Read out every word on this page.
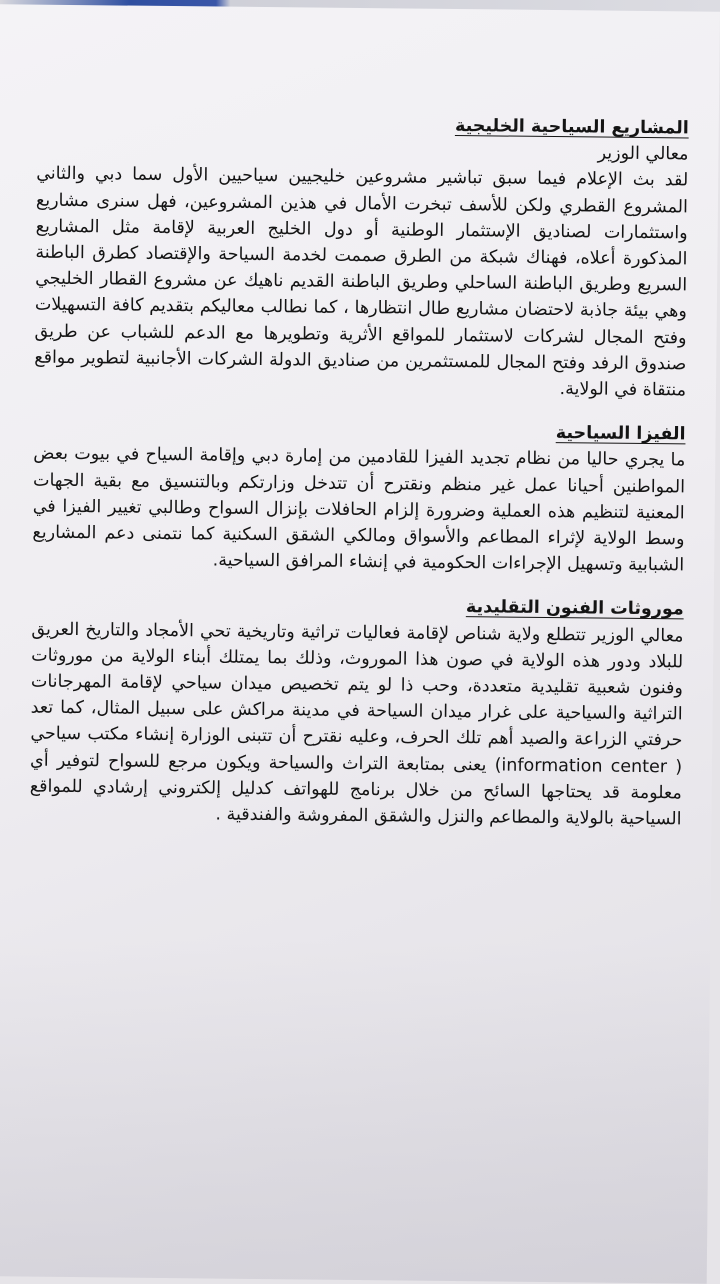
المشاريع السياحية الخليجية
معالي الوزير
لقد بث الإعلام فيما سبق تباشير مشروعين خليجيين سياحيين الأول سما دبي والثاني المشروع القطري ولكن للأسف تبخرت الأمال في هذين المشروعين، فهل سنرى مشاريع واستثمارات لصناديق الإستثمار الوطنية أو دول الخليج العربية لإقامة مثل المشاريع المذكورة أعلاه، فهناك شبكة من الطرق صممت لخدمة السياحة والإقتصاد كطرق الباطنة السريع وطريق الباطنة الساحلي وطريق الباطنة القديم ناهيك عن مشروع القطار الخليجي وهي بيئة جاذبة لاحتضان مشاريع طال انتظارها ، كما نطالب معاليكم بتقديم كافة التسهيلات وفتح المجال لشركات لاستثمار للمواقع الأثرية وتطويرها مع الدعم للشباب عن طريق صندوق الرفد وفتح المجال للمستثمرين من صناديق الدولة الشركات الأجانبية لتطوير مواقع منتقاة في الولاية.
الفيزا السياحية
ما يجري حاليا من نظام تجديد الفيزا للقادمين من إمارة دبي وإقامة السياح في بيوت بعض المواطنين أحيانا عمل غير منظم ونقترح أن تتدخل وزارتكم وبالتنسيق مع بقية الجهات المعنية لتنظيم هذه العملية وضرورة إلزام الحافلات بإنزال السواح وطالبي تغيير الفيزا في وسط الولاية لإثراء المطاعم والأسواق ومالكي الشقق السكنية كما نتمنى دعم المشاريع الشبابية وتسهيل الإجراءات الحكومية في إنشاء المرافق السياحية.
موروثات الفنون التقليدية
معالي الوزير تتطلع ولاية شناص لإقامة فعاليات تراثية وتاريخية تحي الأمجاد والتاريخ العريق للبلاد ودور هذه الولاية في صون هذا الموروث، وذلك بما يمتلك أبناء الولاية من موروثات وفنون شعبية تقليدية متعددة، وحب ذا لو يتم تخصيص ميدان سياحي لإقامة المهرجانات التراثية والسياحية على غرار ميدان السياحة في مدينة مراكش على سبيل المثال، كما تعد حرفتي الزراعة والصيد أهم تلك الحرف، وعليه نقترح أن تتبنى الوزارة إنشاء مكتب سياحي ( information center) يعنى بمتابعة التراث والسياحة ويكون مرجع للسواح لتوفير أي معلومة قد يحتاجها السائح من خلال برنامج للهواتف كدليل إلكتروني إرشادي للمواقع السياحية بالولاية والمطاعم والنزل والشقق المفروشة والفندقية .
